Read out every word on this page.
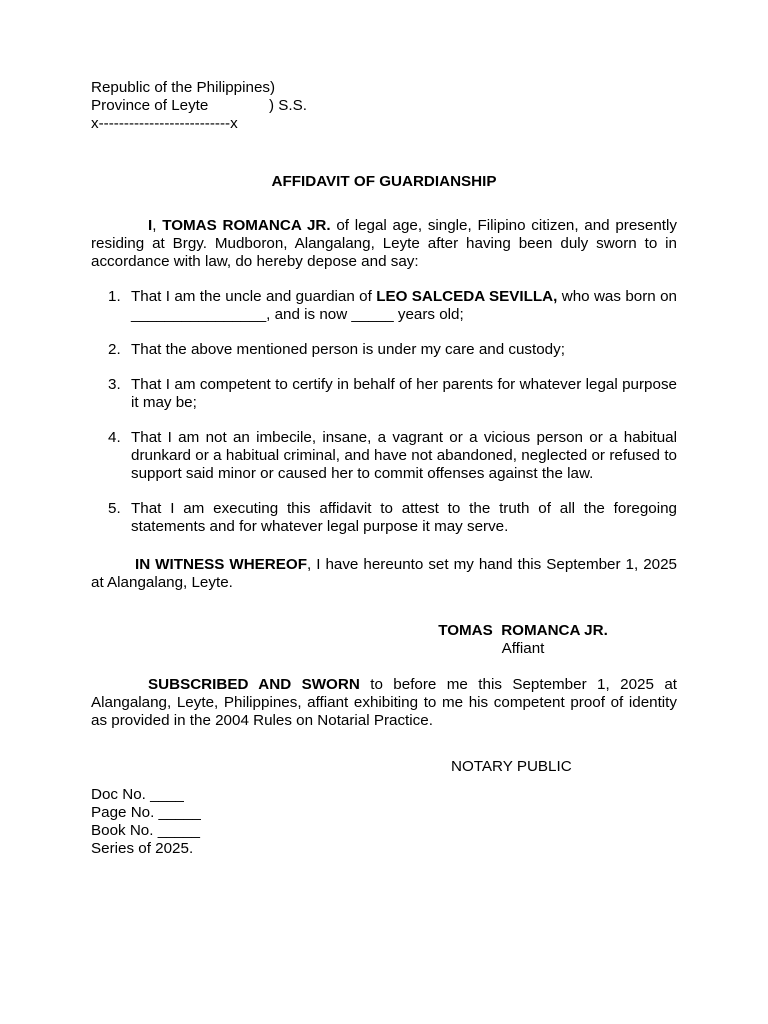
Republic of the Philippines)
Province of Leyte	) S.S.
x--------------------------x
AFFIDAVIT OF GUARDIANSHIP

I, TOMAS ROMANCA JR. of legal age, single, Filipino citizen, and presently residing at Brgy. Mudboron, Alangalang, Leyte after having been duly sworn to in accordance with law, do hereby depose and say:

1. That I am the uncle and guardian of LEO SALCEDA SEVILLA, who was born on ________________, and is now _____ years old;
2. That the above mentioned person is under my care and custody;
3. That I am competent to certify in behalf of her parents for whatever legal purpose it may be;
4. That I am not an imbecile, insane, a vagrant or a vicious person or a habitual drunkard or a habitual criminal, and have not abandoned, neglected or refused to support said minor or caused her to commit offenses against the law.
5. That I am executing this affidavit to attest to the truth of all the foregoing statements and for whatever legal purpose it may serve.

IN WITNESS WHEREOF, I have hereunto set my hand this September 1, 2025 at Alangalang, Leyte.

TOMAS  ROMANCA JR.
Affiant

SUBSCRIBED AND SWORN to before me this September 1, 2025 at Alangalang, Leyte, Philippines, affiant exhibiting to me his competent proof of identity as provided in the 2004 Rules on Notarial Practice.

NOTARY PUBLIC
Doc No. ____
Page No. _____
Book No. _____
Series of 2025.
